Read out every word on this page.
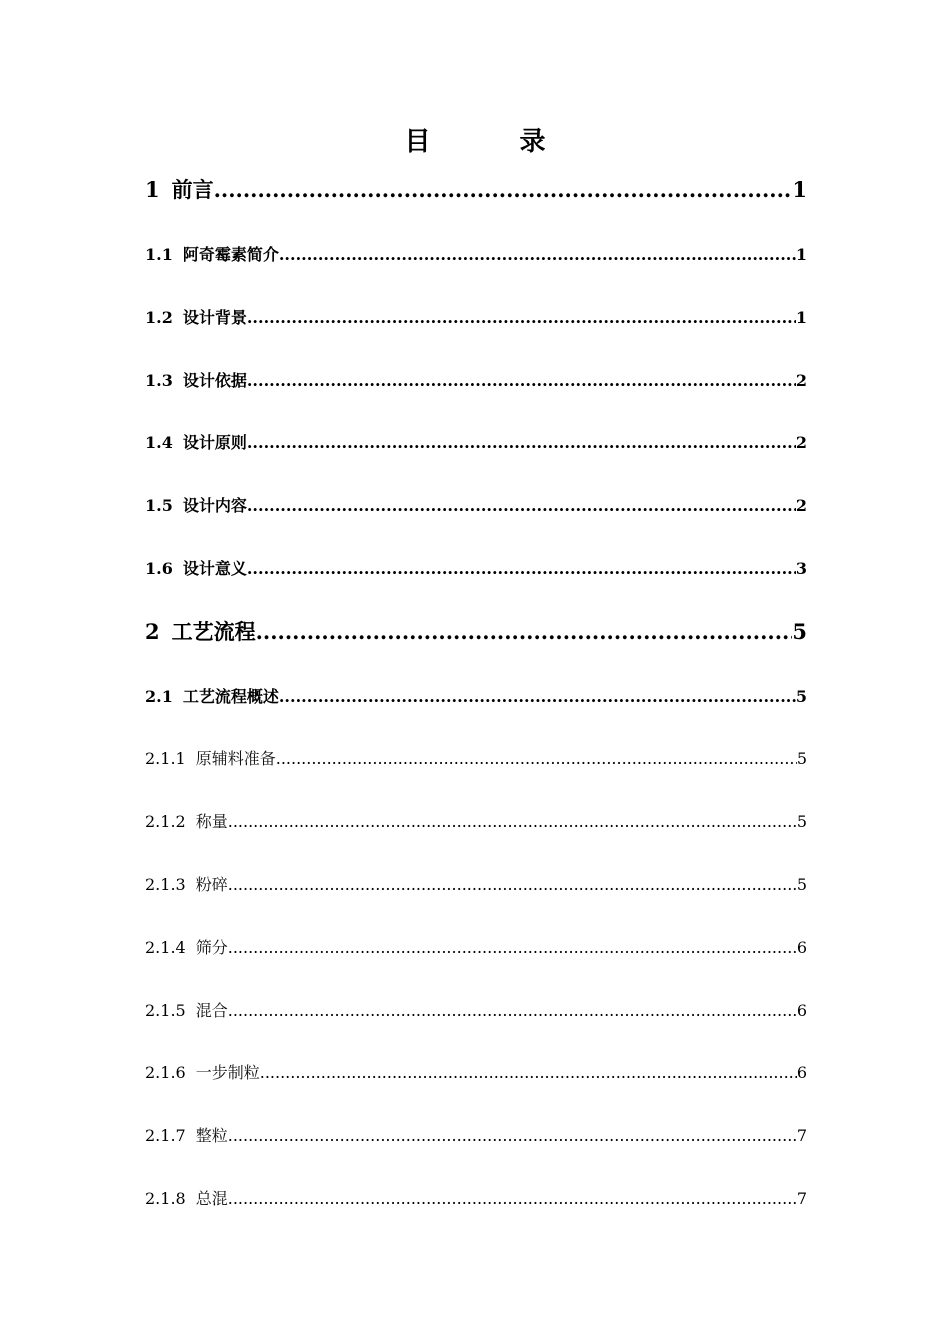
目 录
1 前言 .....	1
1.1 阿奇霉素简介 .....	1
1.2 设计背景 .....	1
1.3 设计依据 .....	2
1.4 设计原则 .....	2
1.5 设计内容 .....	2
1.6 设计意义 .....	3
2 工艺流程 .....	5
2.1 工艺流程概述 .....	5
2.1.1 原辅料准备 .....	5
2.1.2 称量 .....	5
2.1.3 粉碎 .....	5
2.1.4 筛分 .....	6
2.1.5 混合 .....	6
2.1.6 一步制粒 .....	6
2.1.7 整粒 .....	7
2.1.8 总混 .....	7
